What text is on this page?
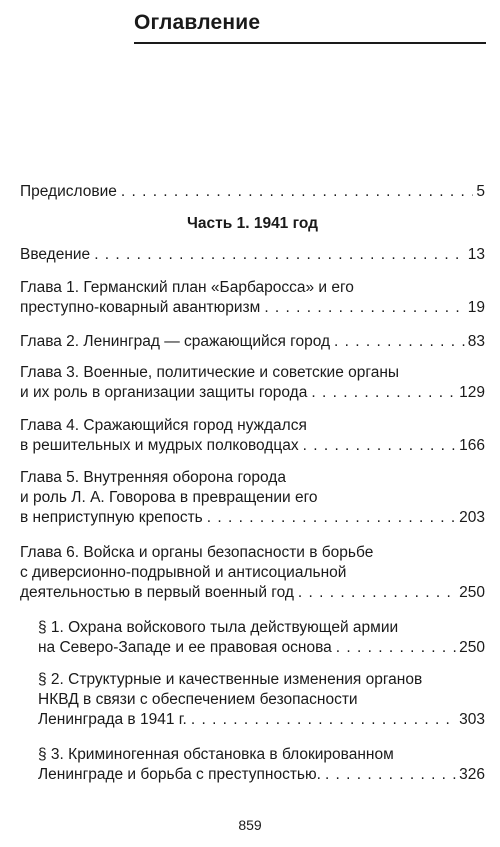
Оглавление
Предисловие . . .	5
Часть 1. 1941 год
Введение . . .	13
Глава 1. Германский план «Барбаросса» и его
преступно-коварный авантюризм . . .	19
Глава 2. Ленинград — сражающийся город . . .	83
Глава 3. Военные, политические и советские органы
и их роль в организации защиты города . . .	129
Глава 4. Сражающийся город нуждался
в решительных и мудрых полководцах . . .	166
Глава 5. Внутренняя оборона города
и роль Л. А. Говорова в превращении его
в неприступную крепость . . .	203
Глава 6. Войска и органы безопасности в борьбе
с диверсионно-подрывной и антисоциальной
деятельностью в первый военный год . . .	250
§ 1. Охрана войскового тыла действующей армии
на Северо-Западе и ее правовая основа . . .	250
§ 2. Структурные и качественные изменения органов
НКВД в связи с обеспечением безопасности
Ленинграда в 1941 г. . . .	303
§ 3. Криминогенная обстановка в блокированном
Ленинграде и борьба с преступностью. . . .	326
859
